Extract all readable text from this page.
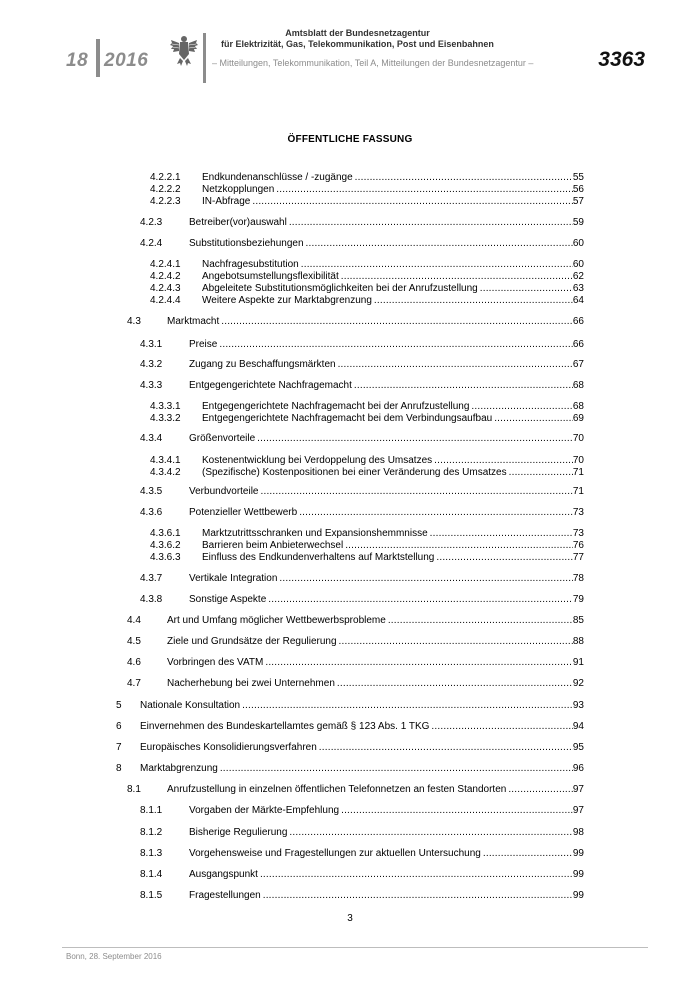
18 2016
Amtsblatt der Bundesnetzagentur
für Elektrizität, Gas, Telekommunikation, Post und Eisenbahnen
– Mitteilungen, Telekommunikation, Teil A, Mitteilungen der Bundesnetzagentur –	3363
ÖFFENTLICHE FASSUNG
4.2.2.1	Endkundenanschlüsse / -zugänge .....	55
4.2.2.2	Netzkopplungen .....	56
4.2.2.3	IN-Abfrage .....	57
4.2.3	Betreiber(vor)auswahl .....	59
4.2.4	Substitutionsbeziehungen .....	60
4.2.4.1	Nachfragesubstitution .....	60
4.2.4.2	Angebotsumstellungsflexibilität .....	62
4.2.4.3	Abgeleitete Substitutionsmöglichkeiten bei der Anrufzustellung .....	63
4.2.4.4	Weitere Aspekte zur Marktabgrenzung .....	64
4.3	Marktmacht .....	66
4.3.1	Preise .....	66
4.3.2	Zugang zu Beschaffungsmärkten .....	67
4.3.3	Entgegengerichtete Nachfragemacht .....	68
4.3.3.1	Entgegengerichtete Nachfragemacht bei der Anrufzustellung .....	68
4.3.3.2	Entgegengerichtete Nachfragemacht bei dem Verbindungsaufbau .....	69
4.3.4	Größenvorteile .....	70
4.3.4.1	Kostenentwicklung bei Verdoppelung des Umsatzes .....	70
4.3.4.2	(Spezifische) Kostenpositionen bei einer Veränderung des Umsatzes .....	71
4.3.5	Verbundvorteile .....	71
4.3.6	Potenzieller Wettbewerb .....	73
4.3.6.1	Marktzutrittsschranken und Expansionshemmnisse .....	73
4.3.6.2	Barrieren beim Anbieterwechsel .....	76
4.3.6.3	Einfluss des Endkundenverhaltens auf Marktstellung .....	77
4.3.7	Vertikale Integration .....	78
4.3.8	Sonstige Aspekte .....	79
4.4	Art und Umfang möglicher Wettbewerbsprobleme .....	85
4.5	Ziele und Grundsätze der Regulierung .....	88
4.6	Vorbringen des VATM .....	91
4.7	Nacherhebung bei zwei Unternehmen .....	92
5	Nationale Konsultation .....	93
6	Einvernehmen des Bundeskartellamtes gemäß § 123 Abs. 1 TKG .....	94
7	Europäisches Konsolidierungsverfahren .....	95
8	Marktabgrenzung .....	96
8.1	Anrufzustellung in einzelnen öffentlichen Telefonnetzen an festen Standorten .....	97
8.1.1	Vorgaben der Märkte-Empfehlung .....	97
8.1.2	Bisherige Regulierung .....	98
8.1.3	Vorgehensweise und Fragestellungen zur aktuellen Untersuchung .....	99
8.1.4	Ausgangspunkt .....	99
8.1.5	Fragestellungen .....	99
3
Bonn, 28. September 2016
